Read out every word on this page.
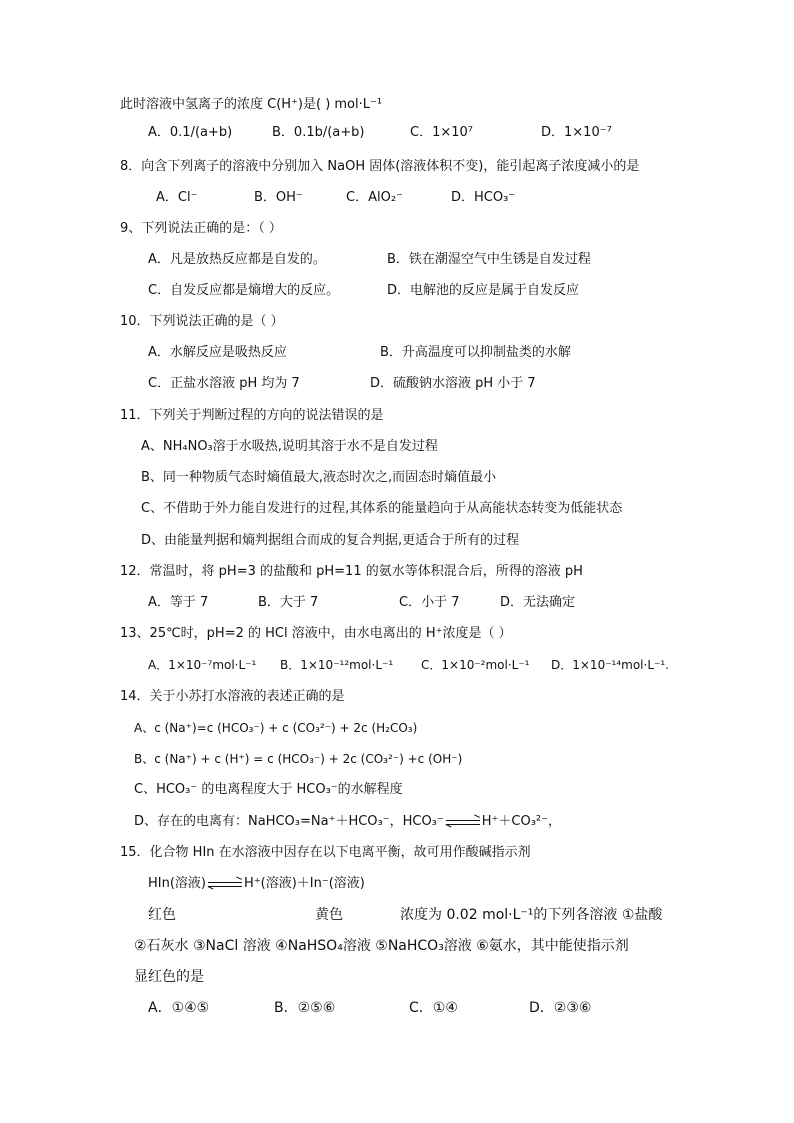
此时溶液中氢离子的浓度 C(H⁺)是( ) mol·L⁻¹
A．0.1/(a+b)	B．0.1b/(a+b)	C．1×10⁷	D．1×10⁻⁷
8．向含下列离子的溶液中分别加入 NaOH 固体(溶液体积不变)，能引起离子浓度减小的是
A．Cl⁻	B．OH⁻	C．AlO₂⁻	D．HCO₃⁻
9、下列说法正确的是：（ ）
A．凡是放热反应都是自发的。	B．铁在潮湿空气中生锈是自发过程
C．自发反应都是熵增大的反应。	D．电解池的反应是属于自发反应
10．下列说法正确的是（ ）
A．水解反应是吸热反应	B．升高温度可以抑制盐类的水解
C．正盐水溶液 pH 均为 7	D．硫酸钠水溶液 pH 小于 7
11．下列关于判断过程的方向的说法错误的是
A、NH₄NO₃溶于水吸热,说明其溶于水不是自发过程
B、同一种物质气态时熵值最大,液态时次之,而固态时熵值最小
C、不借助于外力能自发进行的过程,其体系的能量趋向于从高能状态转变为低能状态
D、由能量判据和熵判据组合而成的复合判据,更适合于所有的过程
12．常温时，将 pH=3 的盐酸和 pH=11 的氨水等体积混合后，所得的溶液 pH
A．等于 7	B．大于 7	C．小于 7	D．无法确定
13、25℃时，pH=2 的 HCl 溶液中，由水电离出的 H⁺浓度是（ ）
A．1×10⁻⁷mol·L⁻¹ B．1×10⁻¹²mol·L⁻¹ C．1×10⁻²mol·L⁻¹ D．1×10⁻¹⁴mol·L⁻¹.
14．关于小苏打水溶液的表述正确的是
A、c (Na⁺)=c (HCO₃⁻) + c (CO₃²⁻) + 2c (H₂CO₃)
B、c (Na⁺) + c (H⁺) = c (HCO₃⁻) + 2c (CO₃²⁻) +c (OH⁻)
C、HCO₃⁻ 的电离程度大于 HCO₃⁻的水解程度
D、存在的电离有：NaHCO₃=Na⁺＋HCO₃⁻，HCO₃⁻	H⁺＋CO₃²⁻，
15．化合物 HIn 在水溶液中因存在以下电离平衡，故可用作酸碱指示剂
HIn(溶液)	H⁺(溶液)＋In⁻(溶液)
红色	黄色	浓度为 0.02 mol·L⁻¹的下列各溶液 ①盐酸
②石灰水 ③NaCl 溶液 ④NaHSO₄溶液 ⑤NaHCO₃溶液 ⑥氨水，其中能使指示剂
显红色的是
A．①④⑤	B．②⑤⑥	C．①④	D．②③⑥
